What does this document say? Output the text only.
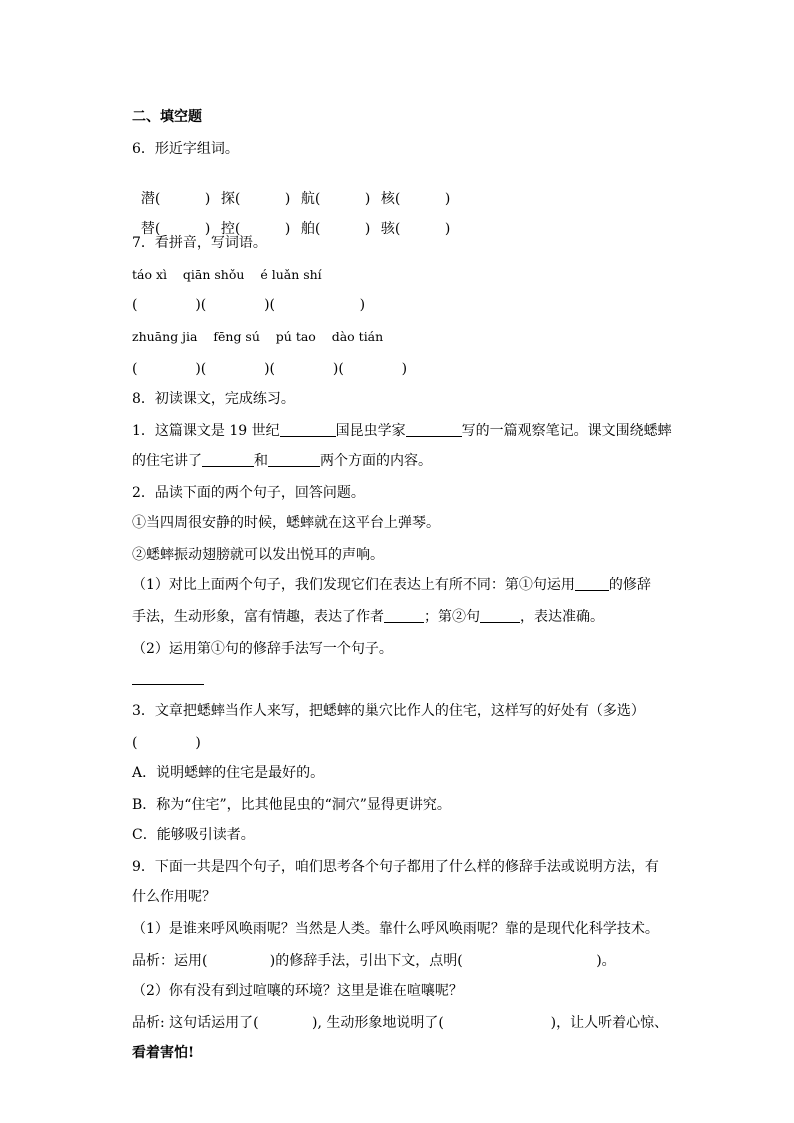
二、填空题
6．形近字组词。

潜(          ) 探(          ) 航(          ) 核(          )

替(          ) 控(          ) 舶(          ) 骇(          )

7．看拼音，写词语。
táo xì    qiān shǒu    é luǎn shí
(             )(             )(                   )
zhuāng jia    fēng sú    pú tao    dào tián
(             )(             )(             )(             )
8．初读课文，完成练习。
1．这篇课文是 19 世纪	国昆虫学家	写的一篇观察笔记。课文围绕蟋蟀
的住宅讲了	和	两个方面的内容。
2．品读下面的两个句子，回答问题。
①当四周很安静的时候，蟋蟀就在这平台上弹琴。
②蟋蟀振动翅膀就可以发出悦耳的声响。
（1）对比上面两个句子，我们发现它们在表达上有所不同：第①句运用 的修辞
手法，生动形象，富有情趣，表达了作者	；第②句	，表达准确。
（2）运用第①句的修辞手法写一个句子。
3．文章把蟋蟀当作人来写，把蟋蟀的巢穴比作人的住宅，这样写的好处有（多选）
(             )
A．说明蟋蟀的住宅是最好的。
B．称为“住宅”，比其他昆虫的“洞穴”显得更讲究。
C．能够吸引读者。
9．下面一共是四个句子，咱们思考各个句子都用了什么样的修辞手法或说明方法，有
什么作用呢？
（1）是谁来呼风唤雨呢？当然是人类。靠什么呼风唤雨呢？靠的是现代化科学技术。
品析：运用(              )的修辞手法，引出下文，点明(                              )。
（2）你有没有到过喧嚷的环境？这里是谁在喧嚷呢？
品析: 这句话运用了(            ), 生动形象地说明了(                        )，让人听着心惊、
看着害怕!
